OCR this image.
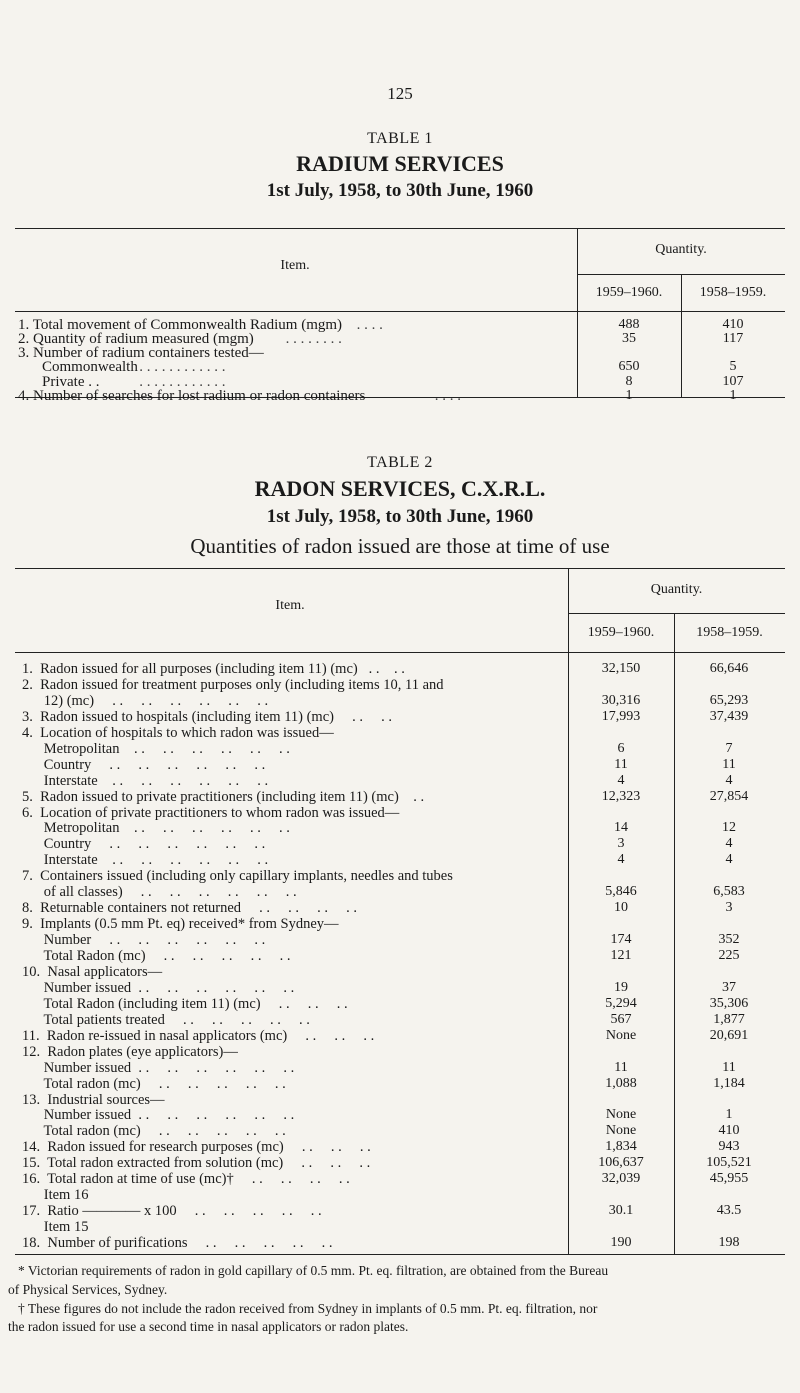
125
TABLE 1
RADIUM SERVICES
1st July, 1958, to 30th June, 1960
Item.
Quantity.
1959–1960.	1958–1959.
1. Total movement of Commonwealth Radium (mgm) . . . .	488	410
2. Quantity of radium measured (mgm) . . . . . . . .	35	117
3. Number of radium containers tested—
Commonwealth . . . . . . . . . . . .	650	5
Private . .	. . . . . . . . . . . .	8	107
4. Number of searches for lost radium or radon containers	. . . .	1	1
TABLE 2
RADON SERVICES, C.X.R.L.
1st July, 1958, to 30th June, 1960
Quantities of radon issued are those at time of use
Item.
Quantity.
1959–1960.	1958–1959.
1.  Radon issued for all purposes (including item 11) (mc)   . .    . .	32,150	66,646
2.  Radon issued for treatment purposes only (including items 10, 11 and
12) (mc)     . .     . .     . .     . .     . .     . .	30,316	65,293
3.  Radon issued to hospitals (including item 11) (mc)     . .     . .	17,993	37,439
4.  Location of hospitals to which radon was issued—
Metropolitan    . .     . .     . .     . .     . .     . .	6	7
Country     . .     . .     . .     . .     . .     . .	11	11
Interstate    . .     . .     . .     . .     . .     . .	4	4
5.  Radon issued to private practitioners (including item 11) (mc)    . .	12,323	27,854
6.  Location of private practitioners to whom radon was issued—
Metropolitan    . .     . .     . .     . .     . .     . .	14	12
Country     . .     . .     . .     . .     . .     . .	3	4
Interstate    . .     . .     . .     . .     . .     . .	4	4
7.  Containers issued (including only capillary implants, needles and tubes
of all classes)     . .     . .     . .     . .     . .     . .	5,846	6,583
8.  Returnable containers not returned     . .     . .     . .     . .	10	3
9.  Implants (0.5 mm Pt. eq) received* from Sydney—
Number     . .     . .     . .     . .     . .     . .	174	352
Total Radon (mc)     . .     . .     . .     . .     . .	121	225
10.  Nasal applicators—
Number issued  . .     . .     . .     . .     . .     . .	19	37
Total Radon (including item 11) (mc)     . .     . .     . .	5,294	35,306
Total patients treated     . .     . .     . .     . .     . .	567	1,877
11.  Radon re-issued in nasal applicators (mc)     . .     . .     . .	None	20,691
12.  Radon plates (eye applicators)—
Number issued  . .     . .     . .     . .     . .     . .	11	11
Total radon (mc)     . .     . .     . .     . .     . .	1,088	1,184
13.  Industrial sources—
Number issued  . .     . .     . .     . .     . .     . .	None	1
Total radon (mc)     . .     . .     . .     . .     . .	None	410
14.  Radon issued for research purposes (mc)     . .     . .     . .	1,834	943
15.  Total radon extracted from solution (mc)     . .     . .     . .	106,637	105,521
16.  Total radon at time of use (mc)†     . .     . .     . .     . .	32,039	45,955
Item 16
17.  Ratio ———— x 100     . .     . .     . .     . .     . .	30.1	43.5
Item 15
18.  Number of purifications     . .     . .     . .     . .     . .	190	198
* Victorian requirements of radon in gold capillary of 0.5 mm. Pt. eq. filtration, are obtained from the Bureau
of Physical Services, Sydney.
† These figures do not include the radon received from Sydney in implants of 0.5 mm. Pt. eq. filtration, nor
the radon issued for use a second time in nasal applicators or radon plates.
